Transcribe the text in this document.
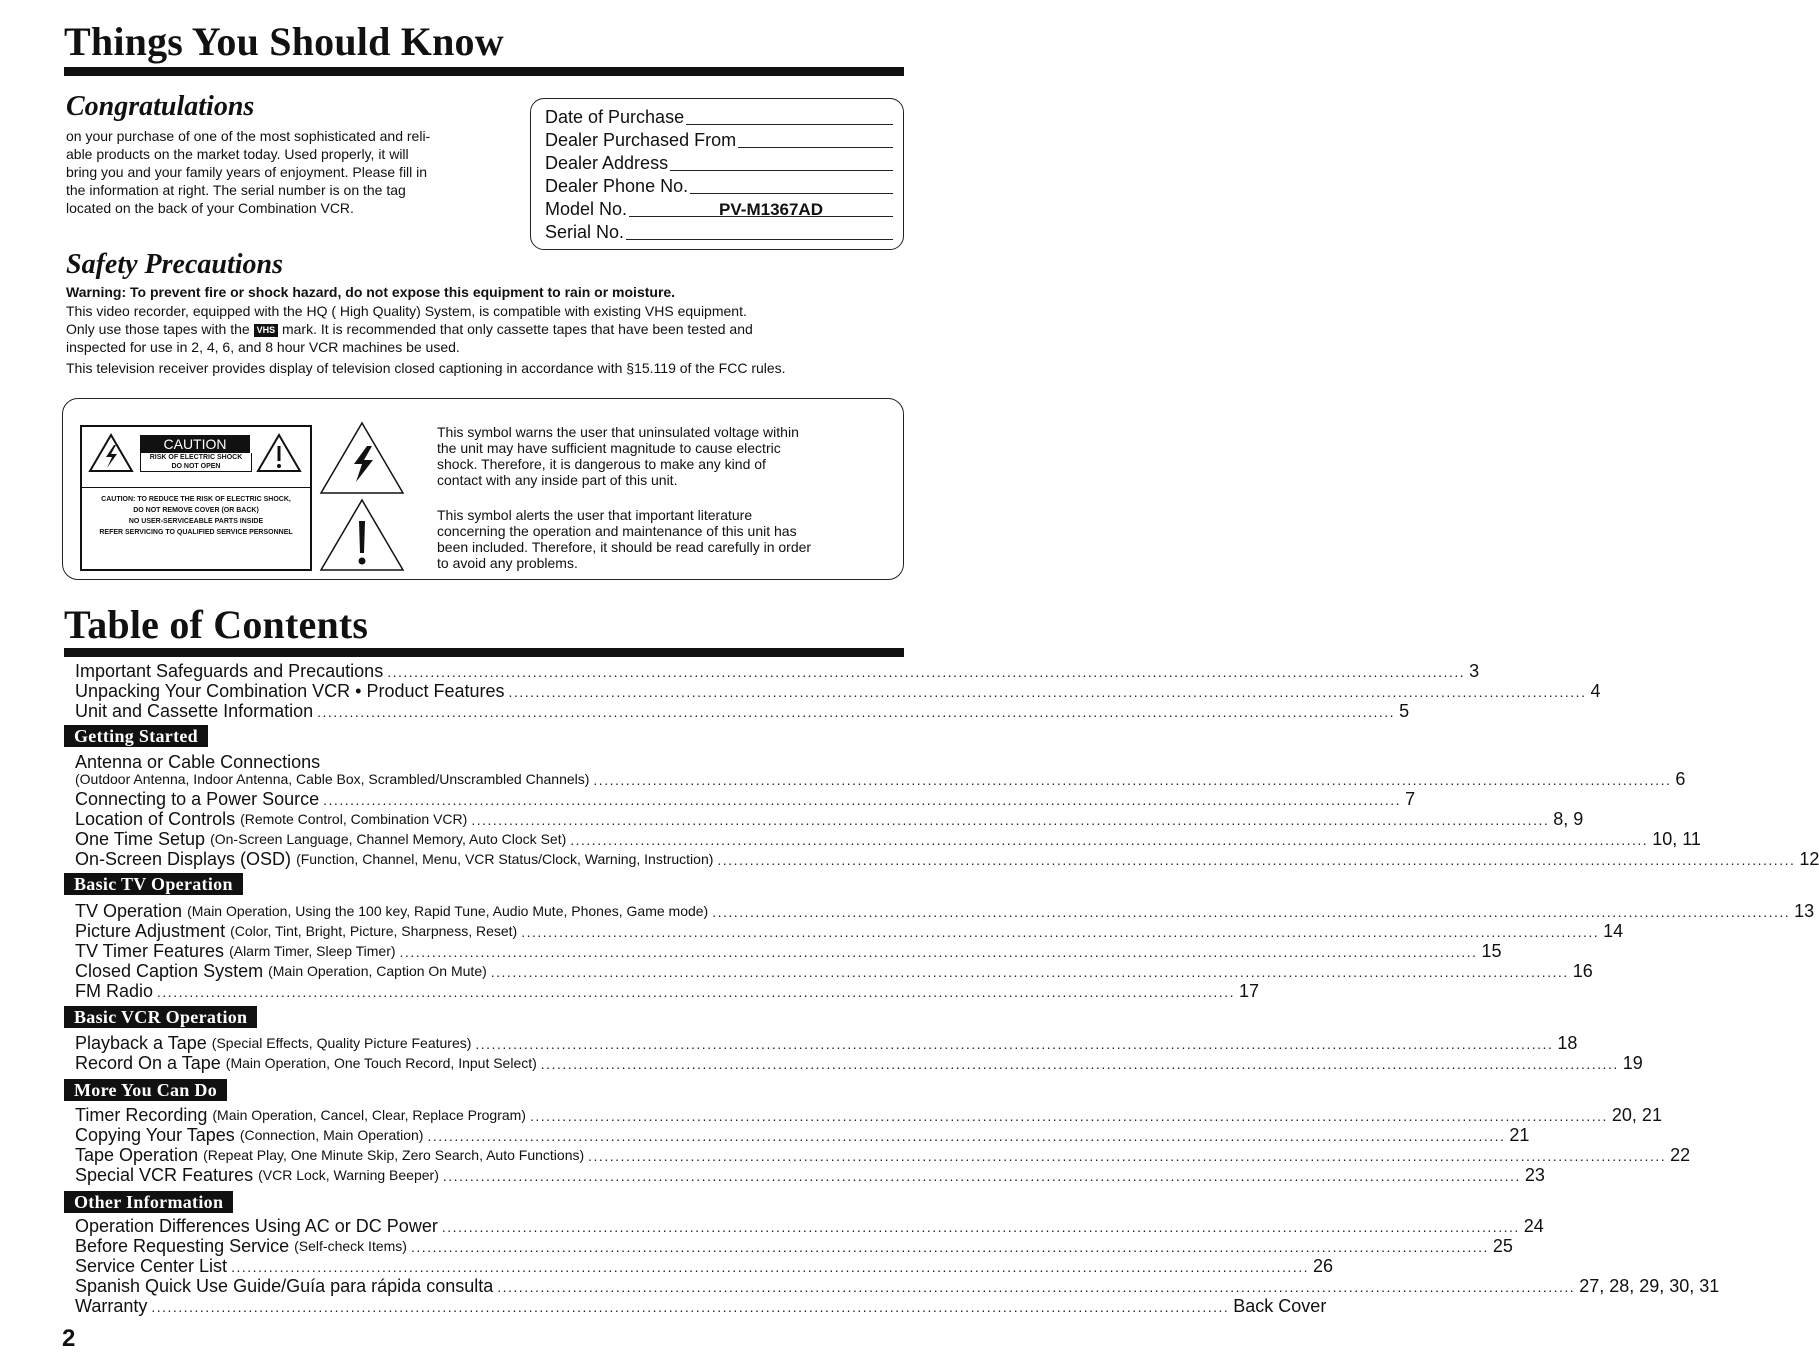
Things You Should Know
Congratulations
on your purchase of one of the most sophisticated and reli-
able products on the market today. Used properly, it will
bring you and your family years of enjoyment. Please fill in
the information at right. The serial number is on the tag
located on the back of your Combination VCR.
Date of Purchase
Dealer Purchased From
Dealer Address
Dealer Phone No.
Model No.	PV-M1367AD
Serial No.
Safety Precautions
Warning: To prevent fire or shock hazard, do not expose this equipment to rain or moisture.
This video recorder, equipped with the HQ ( High Quality) System, is compatible with existing VHS equipment.
Only use those tapes with the VHS mark. It is recommended that only cassette tapes that have been tested and
inspected for use in 2, 4, 6, and 8 hour VCR machines be used.
This television receiver provides display of television closed captioning in accordance with §15.119 of the FCC rules.
CAUTION
RISK OF ELECTRIC SHOCK
DO NOT OPEN
CAUTION: TO REDUCE THE RISK OF ELECTRIC SHOCK,
DO NOT REMOVE COVER (OR BACK)
NO USER-SERVICEABLE PARTS INSIDE
REFER SERVICING TO QUALIFIED SERVICE PERSONNEL
This symbol warns the user that uninsulated voltage within
the unit may have sufficient magnitude to cause electric
shock. Therefore, it is dangerous to make any kind of
contact with any inside part of this unit.
This symbol alerts the user that important literature
concerning the operation and maintenance of this unit has
been included. Therefore, it should be read carefully in order
to avoid any problems.
Table of Contents
Important Safeguards and Precautions ........................................................................................................................................................................................................ 3
Unpacking Your Combination VCR • Product Features ........................................................................................................................................................................................................ 4
Unit and Cassette Information ........................................................................................................................................................................................................ 5
Getting Started
Antenna or Cable Connections
(Outdoor Antenna, Indoor Antenna, Cable Box, Scrambled/Unscrambled Channels) ........................................................................................................................................................................................................ 6
Connecting to a Power Source ........................................................................................................................................................................................................ 7
Location of Controls
(Remote Control, Combination VCR) ........................................................................................................................................................................................................ 8, 9
One Time Setup
(On-Screen Language, Channel Memory, Auto Clock Set) ........................................................................................................................................................................................................ 10, 11
On-Screen Displays (OSD)
(Function, Channel, Menu, VCR Status/Clock, Warning, Instruction) ........................................................................................................................................................................................................ 12
Basic TV Operation
TV Operation
(Main Operation, Using the 100 key, Rapid Tune, Audio Mute, Phones, Game mode) ........................................................................................................................................................................................................ 13
Picture Adjustment
(Color, Tint, Bright, Picture, Sharpness, Reset) ........................................................................................................................................................................................................ 14
TV Timer Features
(Alarm Timer, Sleep Timer) ........................................................................................................................................................................................................ 15
Closed Caption System
(Main Operation, Caption On Mute) ........................................................................................................................................................................................................ 16
FM Radio ........................................................................................................................................................................................................ 17
Basic VCR Operation
Playback a Tape
(Special Effects, Quality Picture Features) ........................................................................................................................................................................................................ 18
Record On a Tape
(Main Operation, One Touch Record, Input Select) ........................................................................................................................................................................................................ 19
More You Can Do
Timer Recording
(Main Operation, Cancel, Clear, Replace Program) ........................................................................................................................................................................................................ 20, 21
Copying Your Tapes
(Connection, Main Operation) ........................................................................................................................................................................................................ 21
Tape Operation
(Repeat Play, One Minute Skip, Zero Search, Auto Functions) ........................................................................................................................................................................................................ 22
Special VCR Features
(VCR Lock, Warning Beeper) ........................................................................................................................................................................................................ 23
Other Information
Operation Differences Using AC or DC Power ........................................................................................................................................................................................................ 24
Before Requesting Service
(Self-check Items) ........................................................................................................................................................................................................ 25
Service Center List ........................................................................................................................................................................................................ 26
Spanish Quick Use Guide/Guía para rápida consulta ........................................................................................................................................................................................................ 27, 28, 29, 30, 31
Warranty ........................................................................................................................................................................................................ Back Cover
2
